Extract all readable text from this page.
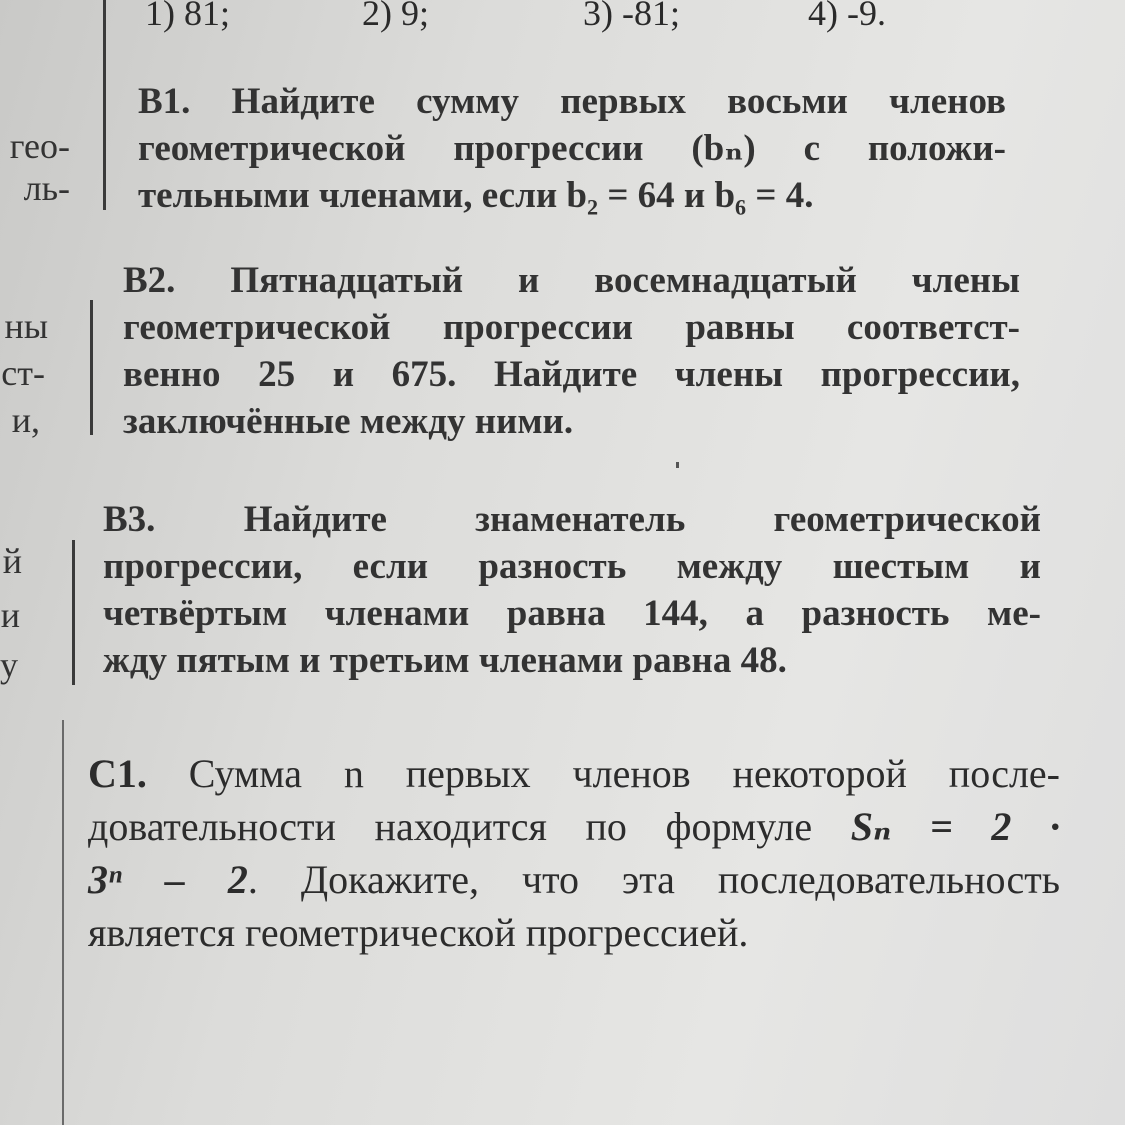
1) 81;	2) 9;	3) -81;	4) -9.
гео-
ль-
ны
ст-
и,
й
и
у
В1. Найдите сумму первых восьми членов
геометрической прогрессии (bₙ) с положи-
тельными членами, если b₂ = 64 и b₆ = 4.
В2. Пятнадцатый и восемнадцатый члены
геометрической прогрессии равны соответст-
венно 25 и 675. Найдите члены прогрессии,
заключённые между ними.
В3. Найдите знаменатель геометрической
прогрессии, если разность между шестым и
четвёртым членами равна 144, а разность ме-
жду пятым и третьим членами равна 48.
С1. Сумма n первых членов некоторой после-
довательности находится по формуле Sₙ = 2 ·
3ⁿ – 2. Докажите, что эта последовательность
является геометрической прогрессией.
